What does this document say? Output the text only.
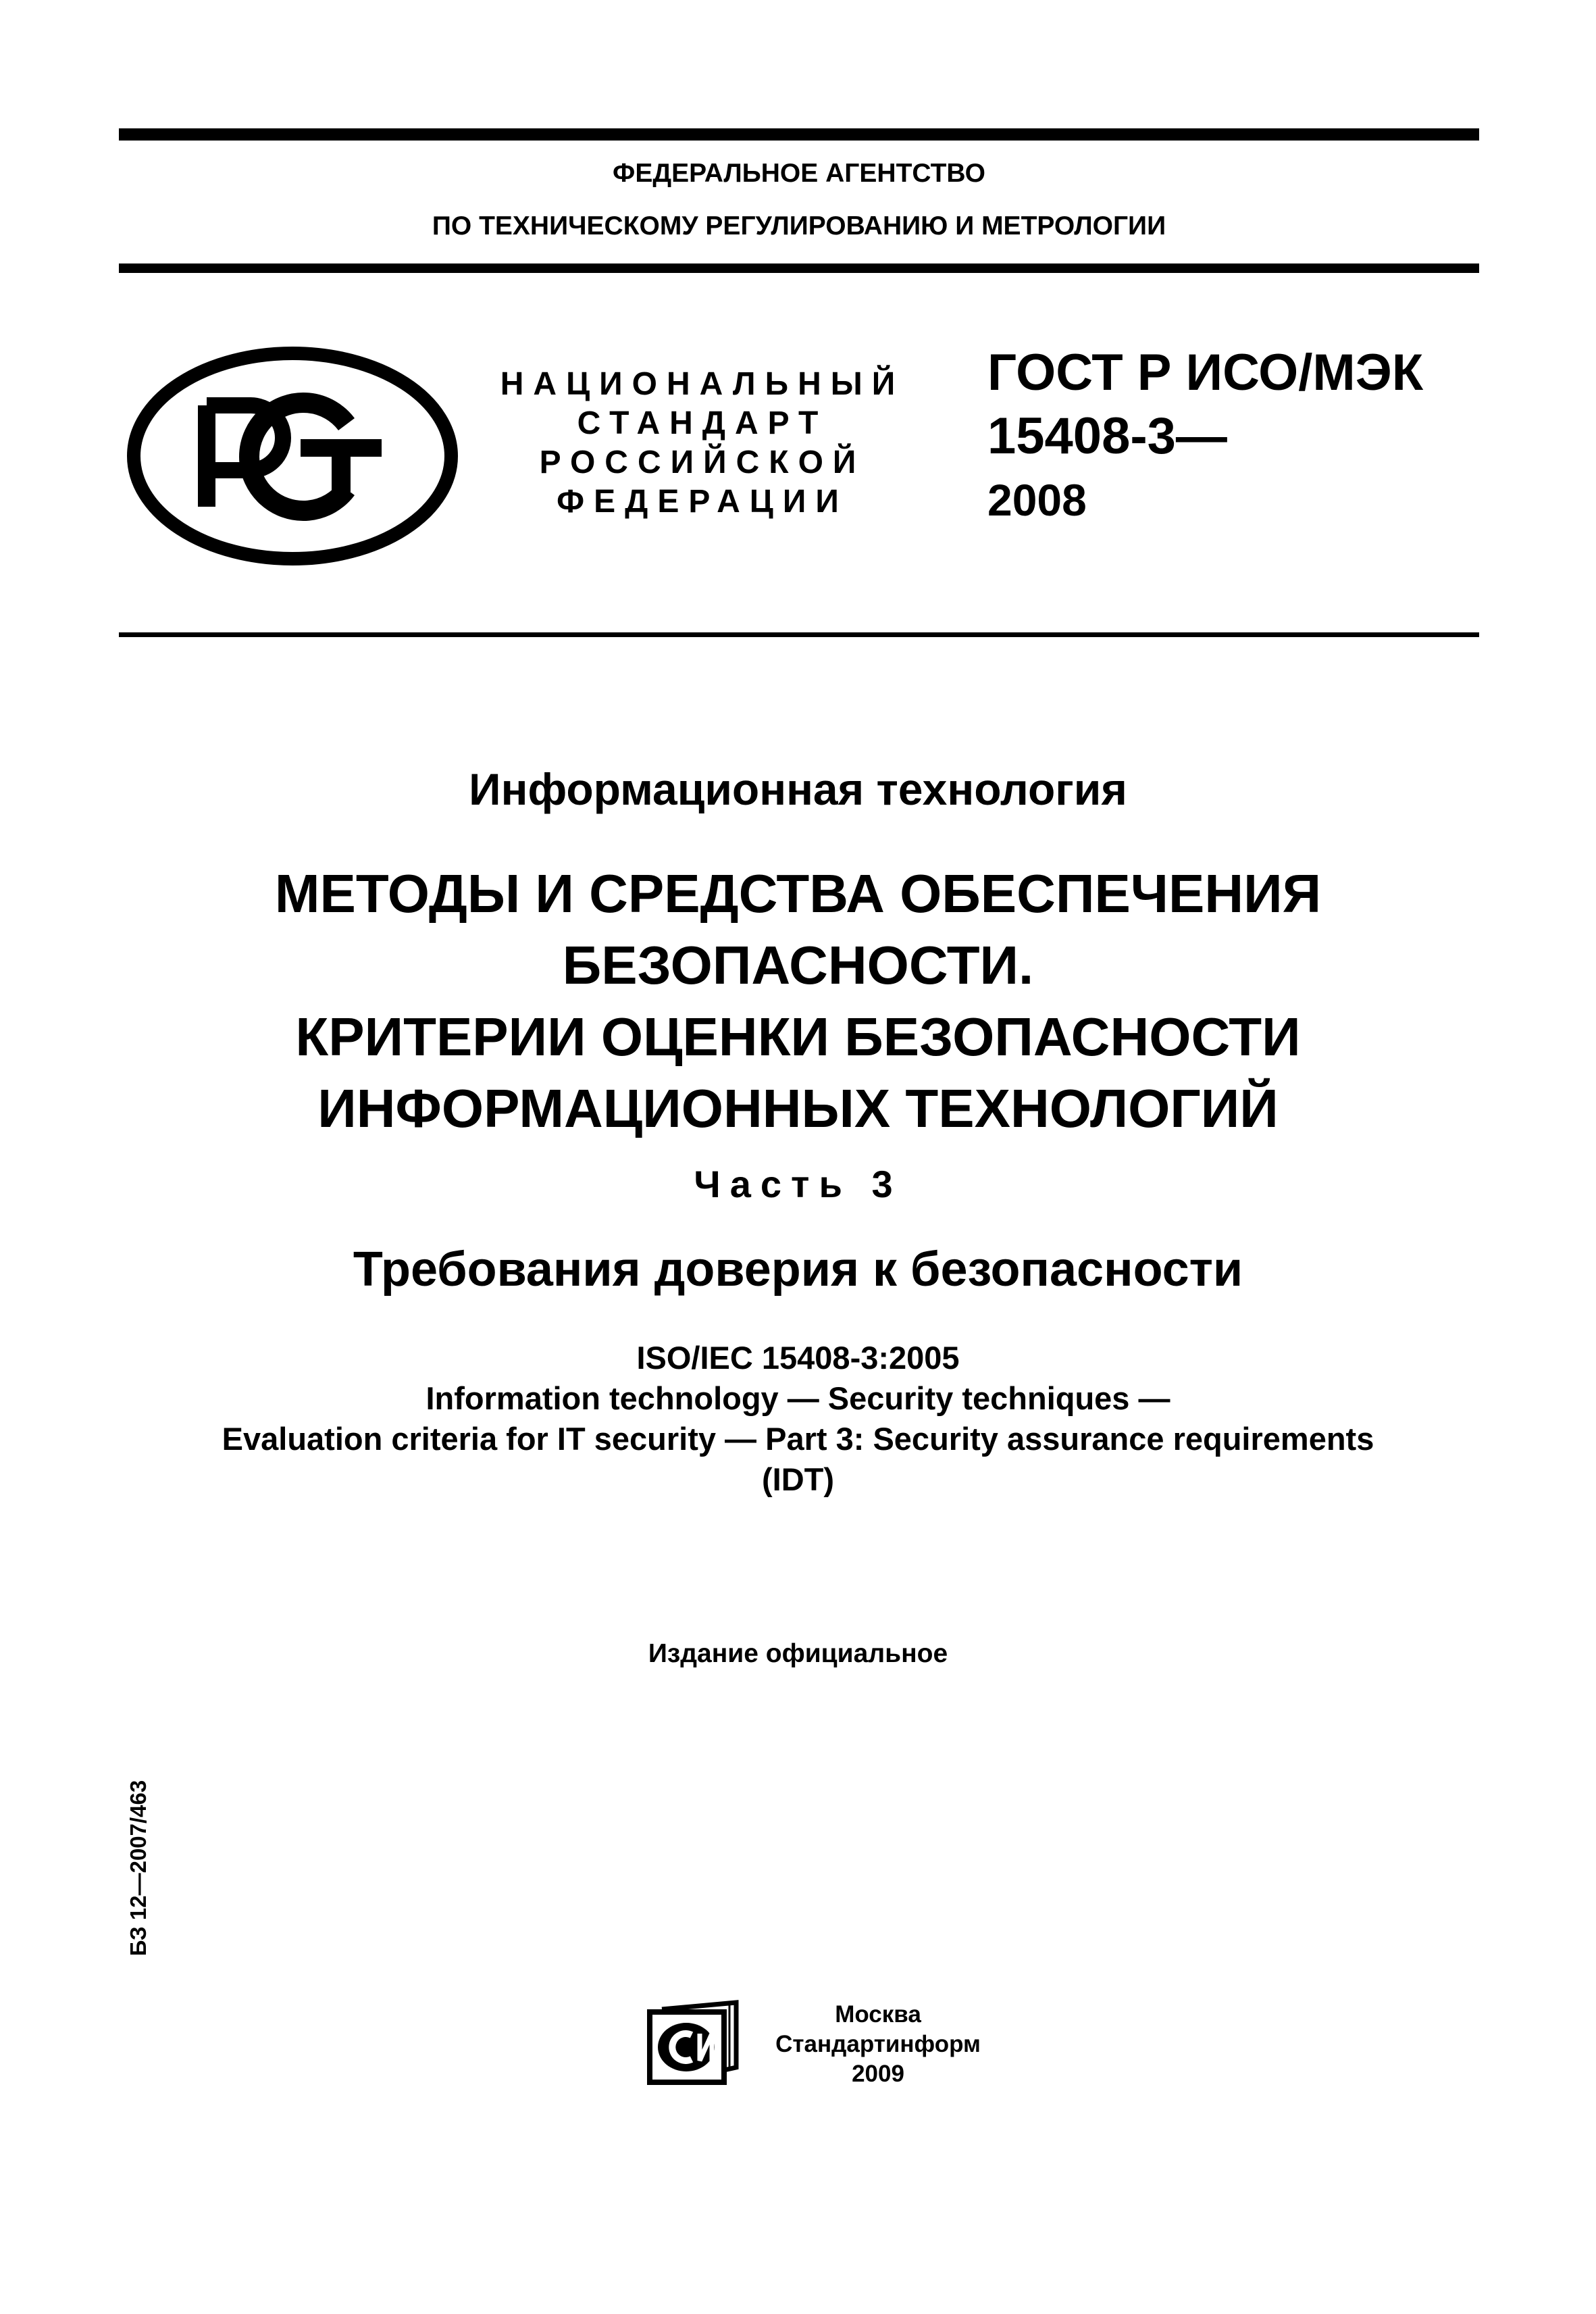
ФЕДЕРАЛЬНОЕ АГЕНТСТВО
ПО ТЕХНИЧЕСКОМУ РЕГУЛИРОВАНИЮ И МЕТРОЛОГИИ
НАЦИОНАЛЬНЫЙ
СТАНДАРТ
РОССИЙСКОЙ
ФЕДЕРАЦИИ
ГОСТ Р ИСО/МЭК
15408-3—
2008
Информационная технология
МЕТОДЫ И СРЕДСТВА ОБЕСПЕЧЕНИЯ
БЕЗОПАСНОСТИ.
КРИТЕРИИ ОЦЕНКИ БЕЗОПАСНОСТИ
ИНФОРМАЦИОННЫХ ТЕХНОЛОГИЙ
Часть 3
Требования доверия к безопасности
ISO/IEC 15408-3:2005
Information technology — Security techniques —
Evaluation criteria for IT security — Part 3: Security assurance requirements
(IDT)
Издание официальное
БЗ 12—2007/463
Москва
Стандартинформ
2009
